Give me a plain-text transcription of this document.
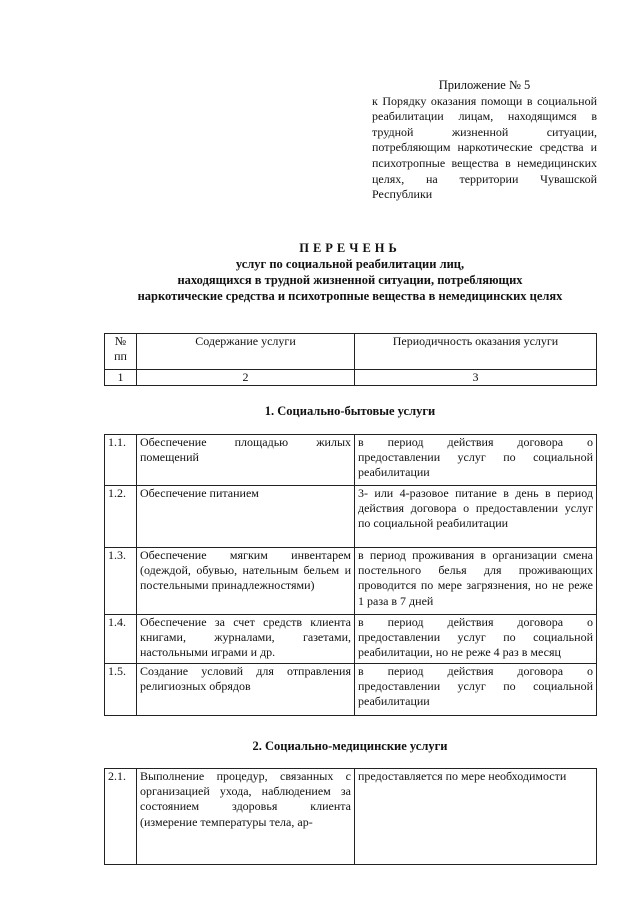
Приложение № 5
к Порядку оказания помощи в социальной реабилитации лицам, находящимся в трудной жизненной ситуации, потребляющим наркотические средства и психотропные вещества в немедицинских целях, на территории Чувашской Республики
ПЕРЕЧЕНЬ
услуг по социальной реабилитации лиц,
находящихся в трудной жизненной ситуации, потребляющих
наркотические средства и психотропные вещества в немедицинских целях
№ пп	Содержание услуги	Периодичность оказания услуги
1	2	3
1. Социально-бытовые услуги
1.1.	Обеспечение площадью жилых помещений	в период действия договора о предоставлении услуг по социальной реабилитации
1.2.	Обеспечение питанием	3- или 4-разовое питание в день в период действия договора о предоставлении услуг по социальной реабилитации
1.3.	Обеспечение мягким инвентарем (одеждой, обувью, нательным бельем и постельными принадлежностями)	в период проживания в организации смена постельного белья для проживающих проводится по мере загрязнения, но не реже 1 раза в 7 дней
1.4.	Обеспечение за счет средств клиента книгами, журналами, газетами, настольными играми и др.	в период действия договора о предоставлении услуг по социальной реабилитации, но не реже 4 раз в месяц
1.5.	Создание условий для отправления религиозных обрядов	в период действия договора о предоставлении услуг по социальной реабилитации
2. Социально-медицинские услуги
2.1.	Выполнение процедур, связанных с организацией ухода, наблюдением за состоянием здоровья клиента (измерение температуры тела, ар-	предоставляется по мере необходимости
